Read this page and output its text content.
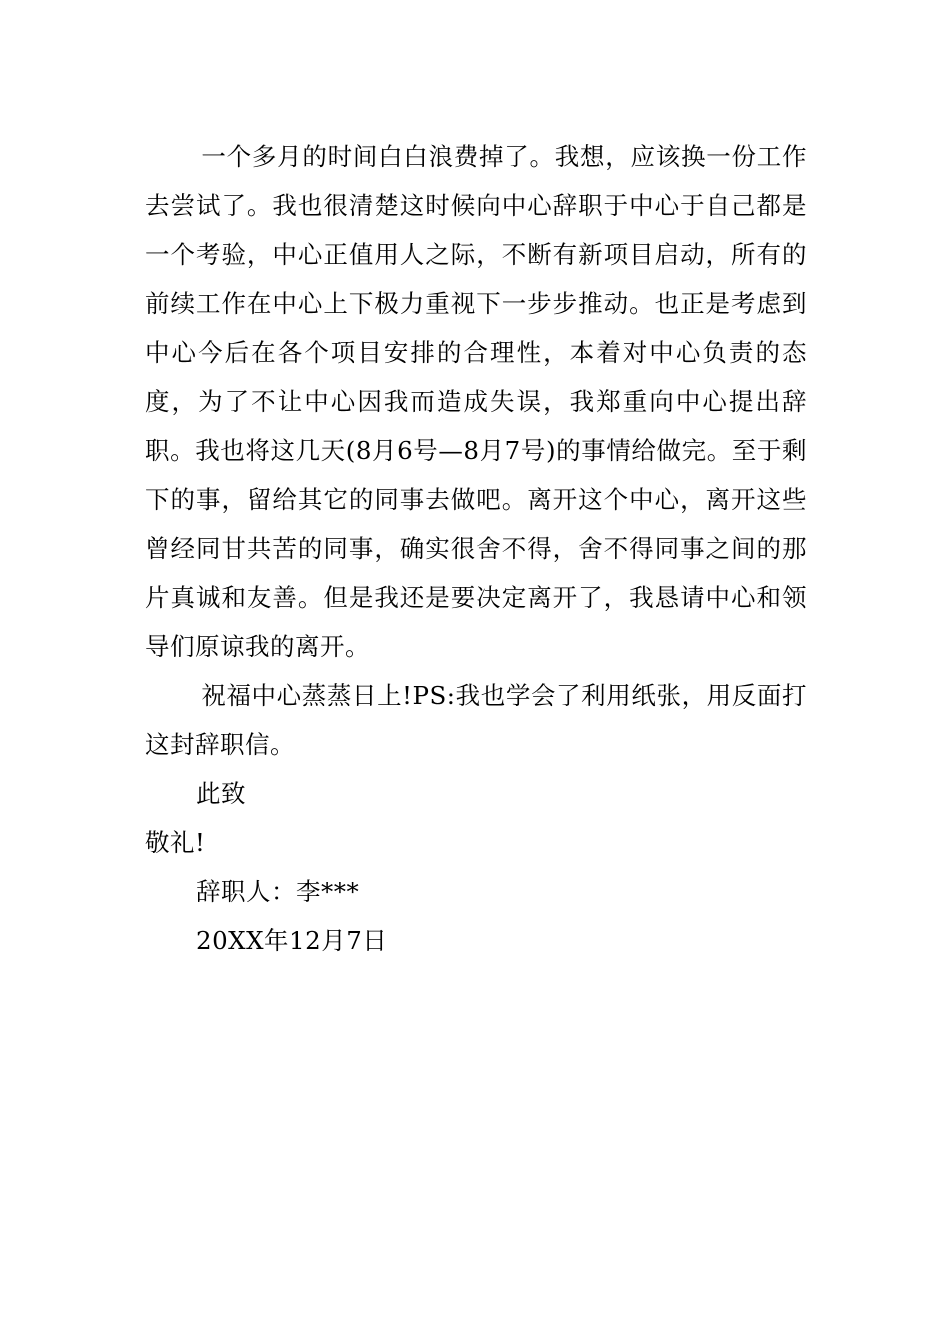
一个多月的时间白白浪费掉了。我想，应该换一份工作去尝试了。我也很清楚这时候向中心辞职于中心于自己都是一个考验，中心正值用人之际，不断有新项目启动，所有的前续工作在中心上下极力重视下一步步推动。也正是考虑到中心今后在各个项目安排的合理性，本着对中心负责的态度，为了不让中心因我而造成失误，我郑重向中心提出辞职。我也将这几天(8月6号—8月7号)的事情给做完。至于剩下的事，留给其它的同事去做吧。离开这个中心，离开这些曾经同甘共苦的同事，确实很舍不得，舍不得同事之间的那片真诚和友善。但是我还是要决定离开了，我恳请中心和领导们原谅我的离开。

祝福中心蒸蒸日上!PS:我也学会了利用纸张，用反面打这封辞职信。

此致

敬礼!

辞职人：李***

20XX年12月7日
